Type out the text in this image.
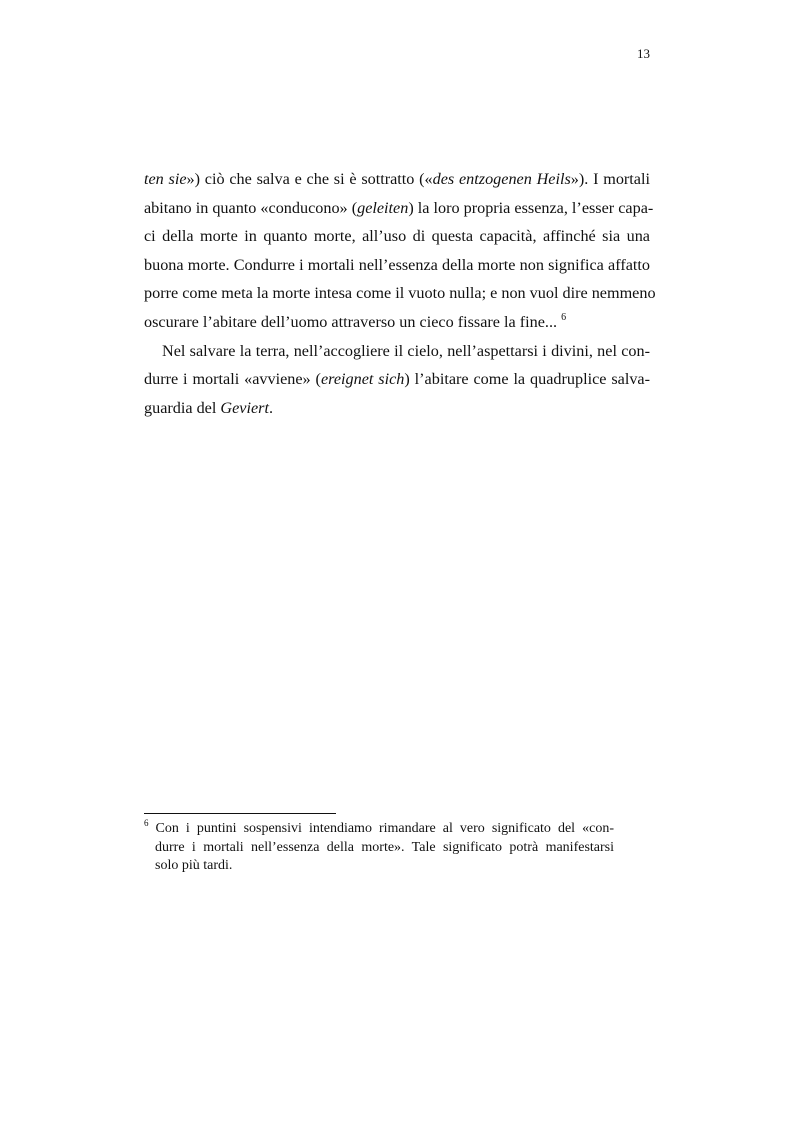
13
ten sie») ciò che salva e che si è sottratto («des entzogenen Heils»). I mortali
abitano in quanto «conducono» (geleiten) la loro propria essenza, l’esser capa-
ci della morte in quanto morte, all’uso di questa capacità, affinché sia una
buona morte. Condurre i mortali nell’essenza della morte non significa affatto
porre come meta la morte intesa come il vuoto nulla; e non vuol dire nemmeno
oscurare l’abitare dell’uomo attraverso un cieco fissare la fine... $^6$
Nel salvare la terra, nell’accogliere il cielo, nell’aspettarsi i divini, nel con-
durre i mortali «avviene» (ereignet sich) l’abitare come la quadruplice salva-
guardia del Geviert.
$^6$ Con i puntini sospensivi intendiamo rimandare al vero significato del «con-
durre i mortali nell’essenza della morte». Tale significato potrà manifestarsi
solo più tardi.
